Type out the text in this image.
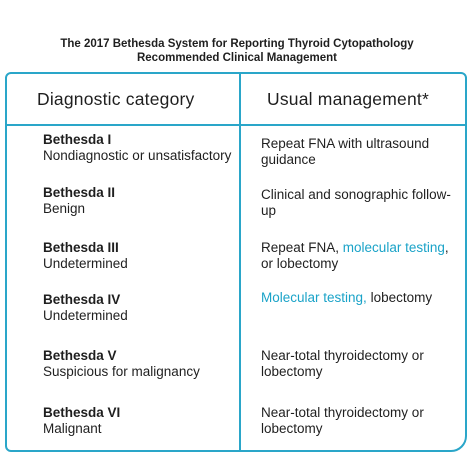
The 2017 Bethesda System for Reporting Thyroid Cytopathology
Recommended Clinical Management
Diagnostic category	Usual management*
Bethesda I
Nondiagnostic or unsatisfactory
Repeat FNA with ultrasound guidance
Bethesda II
Benign
Clinical and sonographic follow-up
Bethesda III
Undetermined
Repeat FNA, molecular testing, or lobectomy
Bethesda IV
Undetermined
Molecular testing, lobectomy
Bethesda V
Suspicious for malignancy
Near-total thyroidectomy or lobectomy
Bethesda VI
Malignant
Near-total thyroidectomy or lobectomy
